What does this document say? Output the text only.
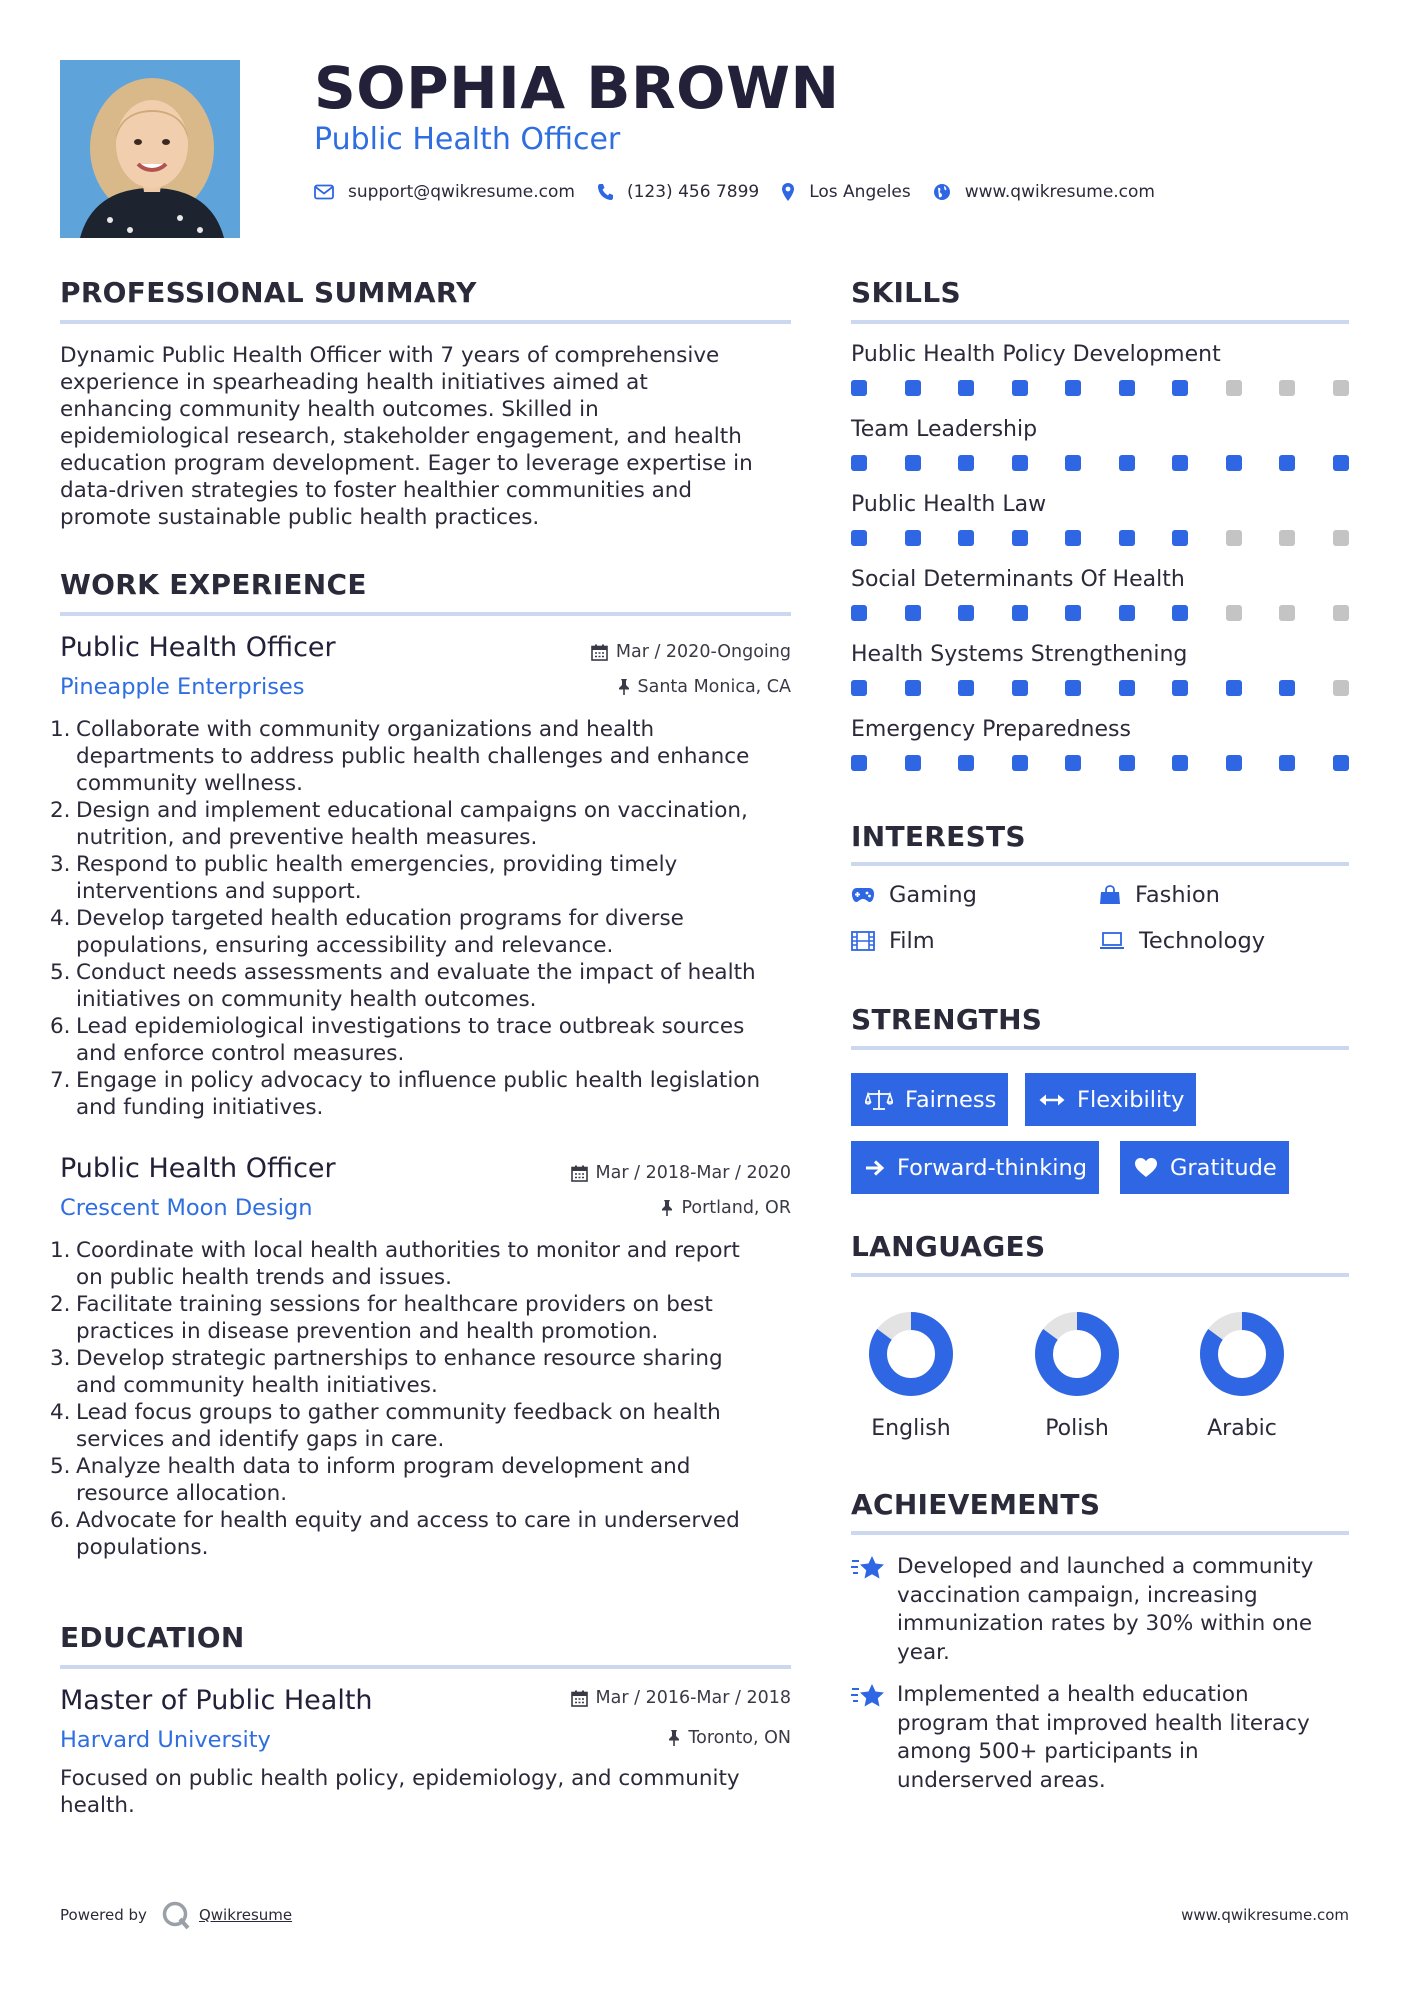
SOPHIA BROWN
Public Health Officer
support@qwikresume.com	(123) 456 7899	Los Angeles	www.qwikresume.com
PROFESSIONAL SUMMARY
Dynamic Public Health Officer with 7 years of comprehensive
experience in spearheading health initiatives aimed at
enhancing community health outcomes. Skilled in
epidemiological research, stakeholder engagement, and health
education program development. Eager to leverage expertise in
data-driven strategies to foster healthier communities and
promote sustainable public health practices.
WORK EXPERIENCE
Public Health Officer	Mar / 2020-Ongoing
Pineapple Enterprises	Santa Monica, CA
1. Collaborate with community organizations and health
departments to address public health challenges and enhance
community wellness.
2. Design and implement educational campaigns on vaccination,
nutrition, and preventive health measures.
3. Respond to public health emergencies, providing timely
interventions and support.
4. Develop targeted health education programs for diverse
populations, ensuring accessibility and relevance.
5. Conduct needs assessments and evaluate the impact of health
initiatives on community health outcomes.
6. Lead epidemiological investigations to trace outbreak sources
and enforce control measures.
7. Engage in policy advocacy to influence public health legislation
and funding initiatives.
Public Health Officer	Mar / 2018-Mar / 2020
Crescent Moon Design	Portland, OR
1. Coordinate with local health authorities to monitor and report
on public health trends and issues.
2. Facilitate training sessions for healthcare providers on best
practices in disease prevention and health promotion.
3. Develop strategic partnerships to enhance resource sharing
and community health initiatives.
4. Lead focus groups to gather community feedback on health
services and identify gaps in care.
5. Analyze health data to inform program development and
resource allocation.
6. Advocate for health equity and access to care in underserved
populations.
EDUCATION
Master of Public Health	Mar / 2016-Mar / 2018
Harvard University	Toronto, ON
Focused on public health policy, epidemiology, and community
health.
SKILLS
Public Health Policy Development
Team Leadership
Public Health Law
Social Determinants Of Health
Health Systems Strengthening
Emergency Preparedness
INTERESTS
Gaming	Fashion
Film	Technology
STRENGTHS
Fairness	Flexibility
Forward-thinking	Gratitude
LANGUAGES
English	Polish	Arabic
ACHIEVEMENTS
Developed and launched a community
vaccination campaign, increasing
immunization rates by 30% within one
year.
Implemented a health education
program that improved health literacy
among 500+ participants in
underserved areas.
Powered by	Qwikresume	www.qwikresume.com
